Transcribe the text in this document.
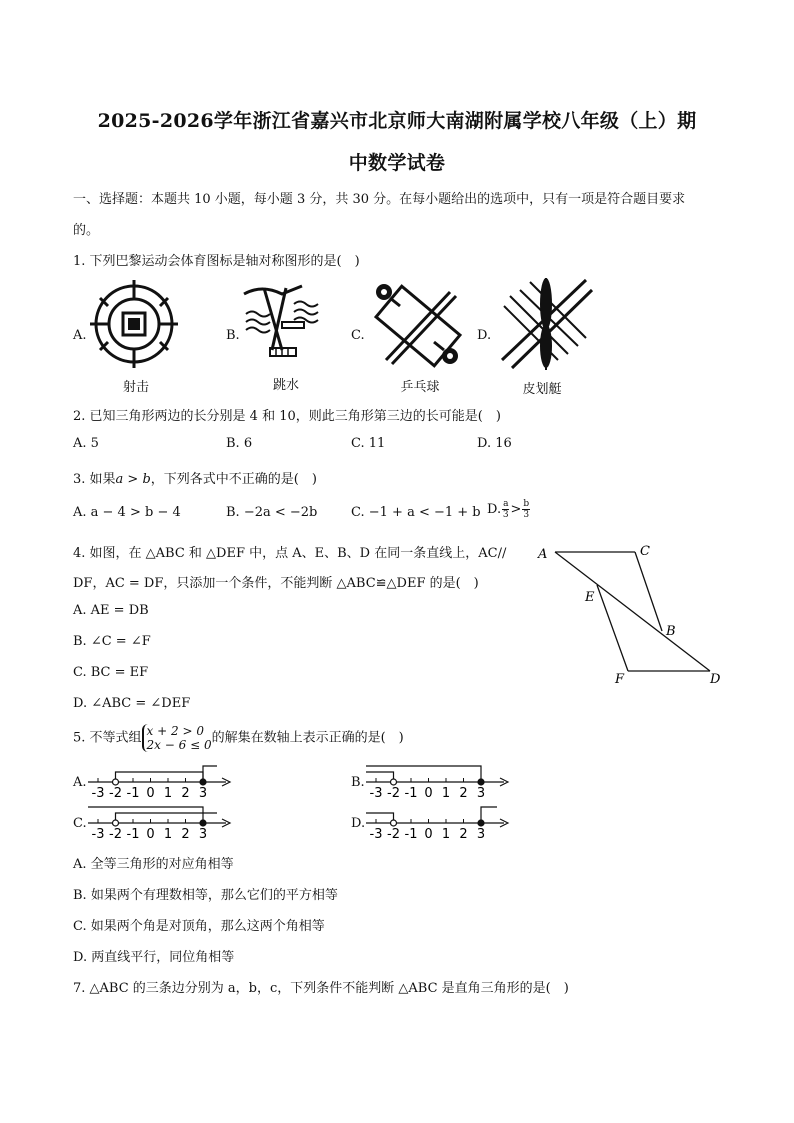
2025-2026学年浙江省嘉兴市北京师大南湖附属学校八年级（上）期
中数学试卷
一、选择题：本题共 10 小题，每小题 3 分，共 30 分。在每小题给出的选项中，只有一项是符合题目要求
的。
1. 下列巴黎运动会体育图标是轴对称图形的是(　)
A.
射击
B.
跳水
C.
乒乓球
D.
皮划艇
2. 已知三角形两边的长分别是 4 和 10，则此三角形第三边的长可能是(　)
A. 5	B. 6	C. 11	D. 16
3. 如果a > b，下列各式中不正确的是(　)
A. a − 4 > b − 4	B. −2a < −2b	C. −1 + a < −1 + b D. $\frac{a}{3} > \frac{b}{3}$
4. 如图，在 △ABC 和 △DEF 中，点 A、E、B、D 在同一条直线上，AC//
DF，AC = DF，只添加一个条件，不能判断 △ABC≌△DEF 的是(　)
A. AE = DB
B. ∠C = ∠F
C. BC = EF
D. ∠ABC = ∠DEF
A	C
E
B
F	D
5. 不等式组 x + 2 > 0
2x − 6 ≤ 0 的解集在数轴上表示正确的是(　)
A.
-3 -2 -1 0 1 2 3
B.
-3 -2 -1 0 1 2 3
C.
-3 -2 -1 0 1 2 3
D.
-3 -2 -1 0 1 2 3
A. 全等三角形的对应角相等
B. 如果两个有理数相等，那么它们的平方相等
C. 如果两个角是对顶角，那么这两个角相等
D. 两直线平行，同位角相等
7. △ABC 的三条边分别为 a，b，c，下列条件不能判断 △ABC 是直角三角形的是(　)
